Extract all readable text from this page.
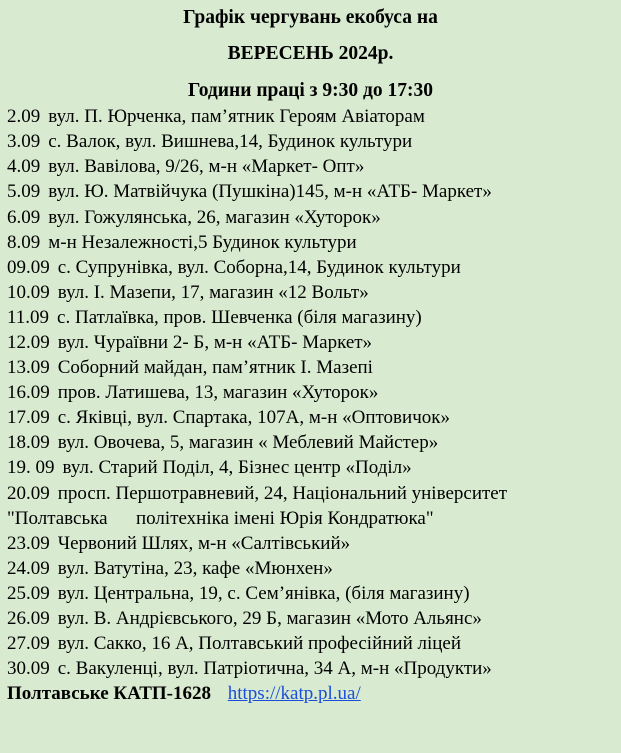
Графік чергувань екобуса на

ВЕРЕСЕНЬ 2024р.

Години праці з 9:30 до 17:30

2.09 вул. П. Юрченка, пам’ятник Героям Авіаторам
3.09 с. Валок, вул. Вишнева,14, Будинок культури
4.09 вул. Вавілова, 9/26, м-н «Маркет- Опт»
5.09 вул. Ю. Матвійчука (Пушкіна)145, м-н «АТБ- Маркет»
6.09 вул. Гожулянська, 26, магазин «Хуторок»
8.09 м-н Незалежності,5 Будинок культури
09.09 с. Супрунівка, вул. Соборна,14, Будинок культури
10.09 вул. І. Мазепи, 17, магазин «12 Вольт»
11.09 с. Патлаївка, пров. Шевченка (біля магазину)
12.09 вул. Чураївни 2- Б, м-н «АТБ- Маркет»
13.09 Соборний майдан, пам’ятник І. Мазепі
16.09 пров. Латишева, 13, магазин «Хуторок»
17.09 с. Яківці, вул. Спартака, 107А, м-н «Оптовичок»
18.09 вул. Овочева, 5, магазин « Меблевий Майстер»
19. 09 вул. Старий Поділ, 4, Бізнес центр «Поділ»
20.09 просп. Першотравневий, 24, Національний університет
"Полтавська      політехніка імені Юрія Кондратюка"
23.09 Червоний Шлях, м-н «Салтівський»
24.09 вул. Ватутіна, 23, кафе «Мюнхен»
25.09 вул. Центральна, 19, с. Сем’янівка, (біля магазину)
26.09 вул. В. Андрієвського, 29 Б, магазин «Мото Альянс»
27.09 вул. Сакко, 16 А, Полтавський професійний ліцей
30.09 с. Вакуленці, вул. Патріотична, 34 А, м-н «Продукти»
Полтавське КАТП-1628 https://katp.pl.ua/
